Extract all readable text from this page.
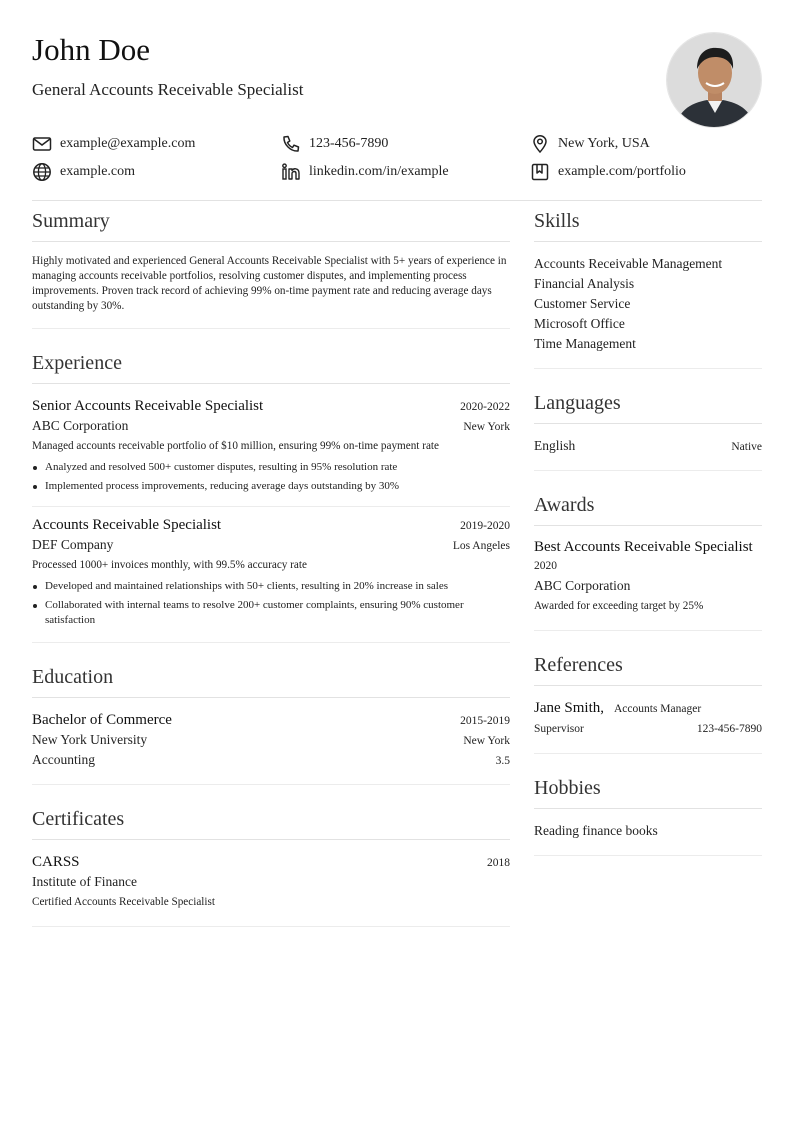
John Doe
General Accounts Receivable Specialist
example@example.com	123-456-7890	New York, USA
example.com	linkedin.com/in/example	example.com/portfolio
Summary

Highly motivated and experienced General Accounts Receivable Specialist with 5+ years of experience in managing accounts receivable portfolios, resolving customer disputes, and implementing process improvements. Proven track record of achieving 99% on-time payment rate and reducing average days outstanding by 30%.

Experience
Senior Accounts Receivable Specialist	2020-2022
ABC Corporation	New York
Managed accounts receivable portfolio of $10 million, ensuring 99% on-time payment rate
Analyzed and resolved 500+ customer disputes, resulting in 95% resolution rate
Implemented process improvements, reducing average days outstanding by 30%
Accounts Receivable Specialist	2019-2020
DEF Company	Los Angeles
Processed 1000+ invoices monthly, with 99.5% accuracy rate
Developed and maintained relationships with 50+ clients, resulting in 20% increase in sales
Collaborated with internal teams to resolve 200+ customer complaints, ensuring 90% customer satisfaction
Education
Bachelor of Commerce	2015-2019
New York University	New York
Accounting	3.5
Certificates
CARSS	2018
Institute of Finance
Certified Accounts Receivable Specialist
Skills
Accounts Receivable Management
Financial Analysis
Customer Service
Microsoft Office
Time Management
Languages
English	Native
Awards
Best Accounts Receivable Specialist
2020
ABC Corporation
Awarded for exceeding target by 25%
References
Jane Smith, Accounts Manager
Supervisor	123-456-7890
Hobbies
Reading finance books
